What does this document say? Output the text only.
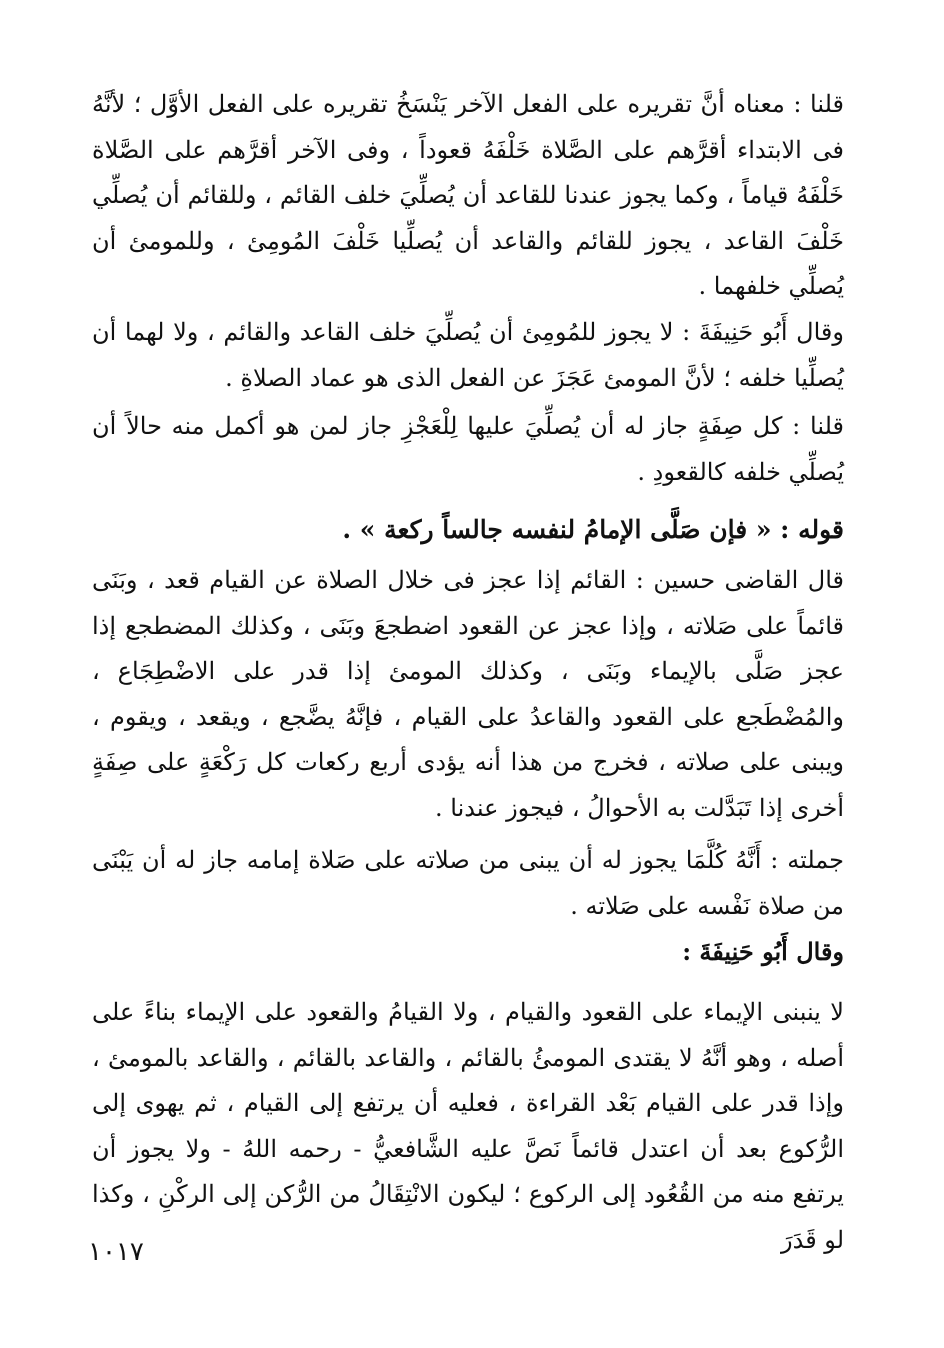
قلنا : معناه أنَّ تقريره على الفعل الآخر يَنْسَخُ تقريره على الفعل الأوَّل ؛ لأنَّهُ فى الابتداء أقرَّهم على الصَّلاة خَلْفَهُ قعوداً ، وفى الآخر أقرَّهم على الصَّلاة خَلْفَهُ قياماً ، وكما يجوز عندنا للقاعد أن يُصلِّيَ خلف القائم ، وللقائم أن يُصلِّي خَلْفَ القاعد ، يجوز للقائم والقاعد أن يُصلِّيا خَلْفَ المُومِئ ، وللمومئ أن يُصلِّي خلفهما .

وقال أَبُو حَنِيفَةَ : لا يجوز للمُومِئ أن يُصلِّيَ خلف القاعد والقائم ، ولا لهما أن يُصلِّيا خلفه ؛ لأنَّ المومئ عَجَزَ عن الفعل الذى هو عماد الصلاةِ .

قلنا : كل صِفَةٍ جاز له أن يُصلِّيَ عليها لِلْعَجْزِ جاز لمن هو أكمل منه حالاً أن يُصلِّي خلفه كالقعودِ .

قوله : « فإن صَلَّى الإمامُ لنفسه جالساً ركعة » .

قال القاضى حسين : القائم إذا عجز فى خلال الصلاة عن القيام قعد ، وبَنَى قائماً على صَلاته ، وإذا عجز عن القعود اضطجعَ وبَنَى ، وكذلك المضطجع إذا عجز صَلَّى بالإيماء وبَنَى ، وكذلك المومئ إذا قدر على الاضْطِجَاع ، والمُضْطَجع على القعود والقاعدُ على القيام ، فإنَّهُ يضَّجع ، ويقعد ، ويقوم ، ويبنى على صلاته ، فخرج من هذا أنه يؤدى أربع ركعات كل رَكْعَةٍ على صِفَةٍ أخرى إذا تَبَدَّلت به الأحوالُ ، فيجوز عندنا .

جملته : أَنَّهُ كُلَّمَا يجوز له أن يبنى من صلاته على صَلاة إمامه جاز له أن يَبْنَى من صلاة نَفْسه على صَلاته .

وقال أَبُو حَنِيفَةَ :

لا ينبنى الإيماء على القعود والقيام ، ولا القيامُ والقعود على الإيماء بناءً على أصله ، وهو أنَّهُ لا يقتدى المومئُ بالقائم ، والقاعد بالقائم ، والقاعد بالمومئ ، وإذا قدر على القيام بَعْد القراءة ، فعليه أن يرتفع إلى القيام ، ثم يهوى إلى الرُّكوع بعد أن اعتدل قائماً نَصَّ عليه الشَّافعيُّ - رحمه اللهُ - ولا يجوز أن يرتفع منه من القُعُود إلى الركوع ؛ ليكون الانْتِقَالُ من الرُّكن إلى الركْنِ ، وكذا لو قَدَرَ

١٠١٧
